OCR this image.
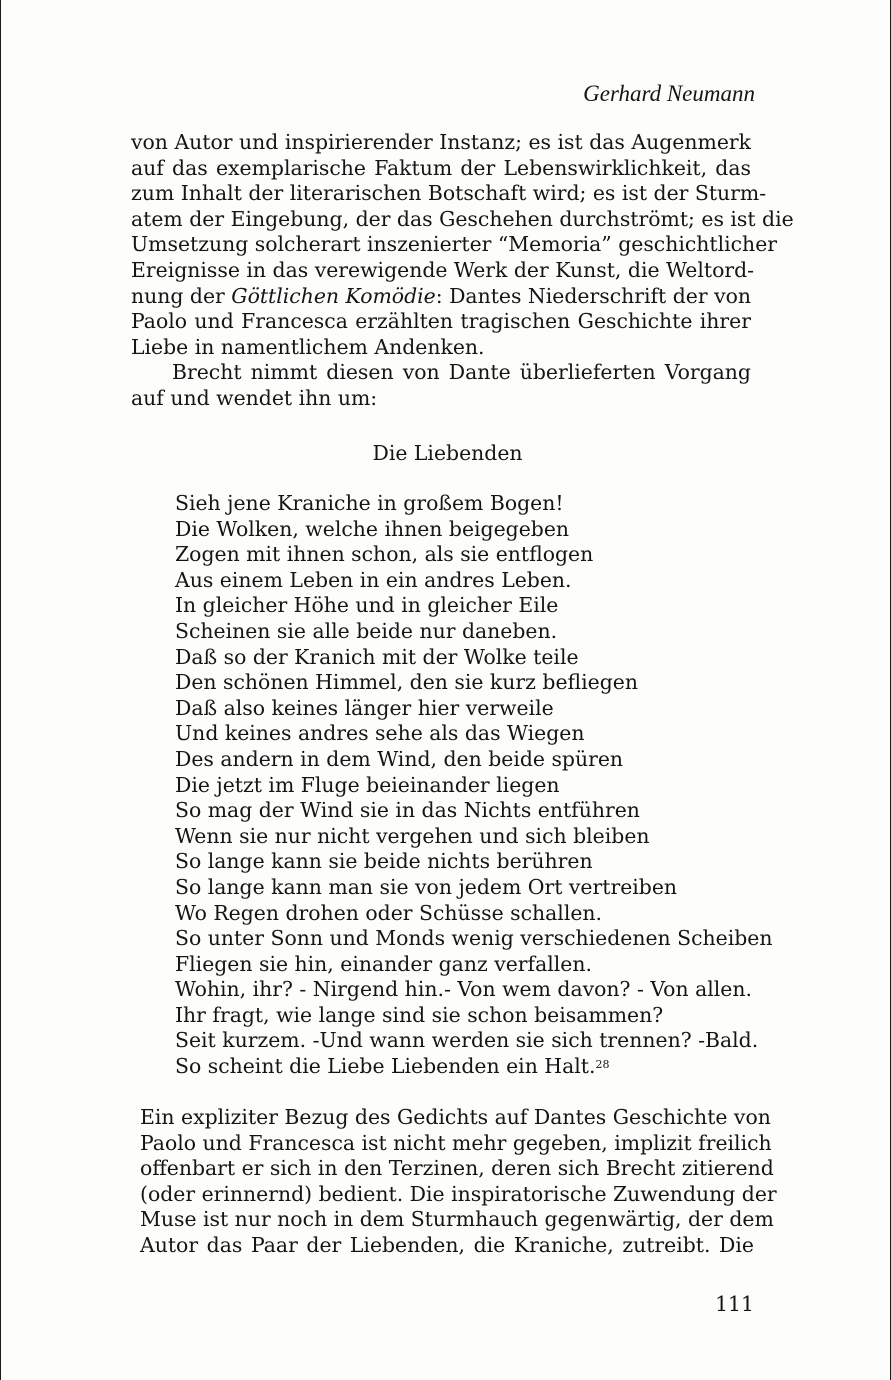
Gerhard Neumann
von Autor und inspirierender Instanz; es ist das Augenmerk
auf das exemplarische Faktum der Lebenswirklichkeit, das
zum Inhalt der literarischen Botschaft wird; es ist der Sturm-
atem der Eingebung, der das Geschehen durchströmt; es ist die
Umsetzung solcherart inszenierter “Memoria” geschichtlicher
Ereignisse in das verewigende Werk der Kunst, die Weltord-
nung der Göttlichen Komödie: Dantes Niederschrift der von
Paolo und Francesca erzählten tragischen Geschichte ihrer
Liebe in namentlichem Andenken.
Brecht nimmt diesen von Dante überlieferten Vorgang auf und wendet ihn um:
Die Liebenden
Sieh jene Kraniche in großem Bogen!
Die Wolken, welche ihnen beigegeben
Zogen mit ihnen schon, als sie entflogen
Aus einem Leben in ein andres Leben.
In gleicher Höhe und in gleicher Eile
Scheinen sie alle beide nur daneben.
Daß so der Kranich mit der Wolke teile
Den schönen Himmel, den sie kurz befliegen
Daß also keines länger hier verweile
Und keines andres sehe als das Wiegen
Des andern in dem Wind, den beide spüren
Die jetzt im Fluge beieinander liegen
So mag der Wind sie in das Nichts entführen
Wenn sie nur nicht vergehen und sich bleiben
So lange kann sie beide nichts berühren
So lange kann man sie von jedem Ort vertreiben
Wo Regen drohen oder Schüsse schallen.
So unter Sonn und Monds wenig verschiedenen Scheiben
Fliegen sie hin, einander ganz verfallen.
Wohin, ihr? - Nirgend hin.- Von wem davon? - Von allen.
Ihr fragt, wie lange sind sie schon beisammen?
Seit kurzem. -Und wann werden sie sich trennen? -Bald.
So scheint die Liebe Liebenden ein Halt.$^{28}$
Ein expliziter Bezug des Gedichts auf Dantes Geschichte von
Paolo und Francesca ist nicht mehr gegeben, implizit freilich
offenbart er sich in den Terzinen, deren sich Brecht zitierend
(oder erinnernd) bedient. Die inspiratorische Zuwendung der
Muse ist nur noch in dem Sturmhauch gegenwärtig, der dem
Autor das Paar der Liebenden, die Kraniche, zutreibt. Die
111
